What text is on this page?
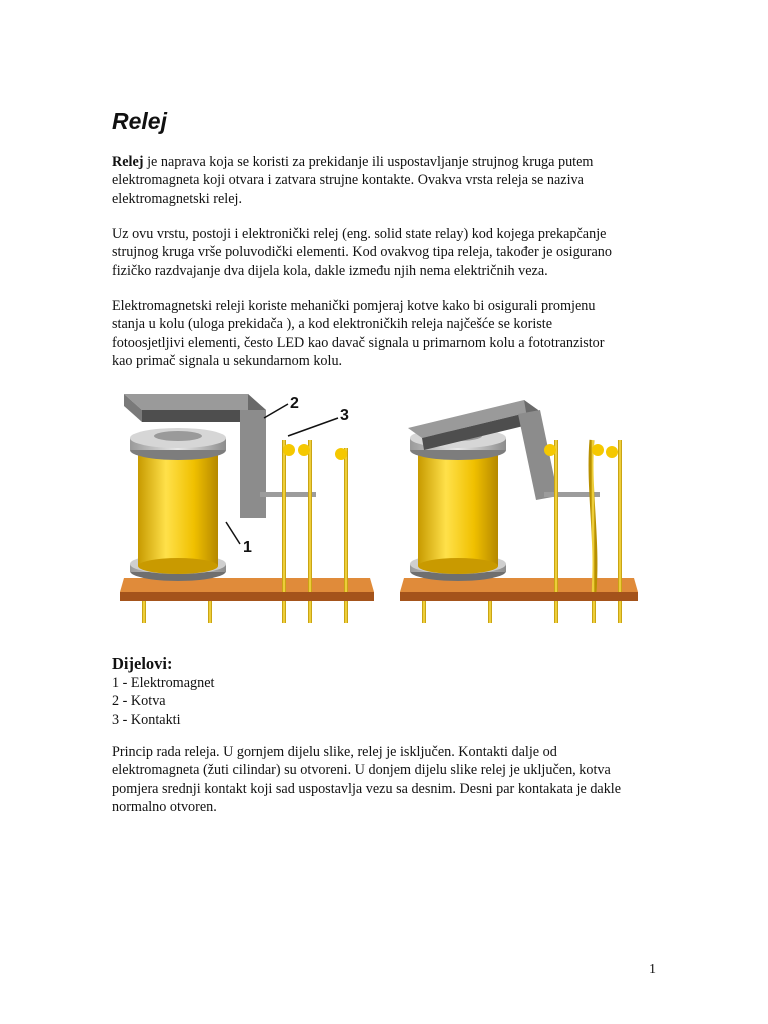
Relej
Relej je naprava koja se koristi za prekidanje ili uspostavljanje strujnog kruga putem
elektromagneta koji otvara i zatvara strujne kontakte. Ovakva vrsta releja se naziva
elektromagnetski relej.
Uz ovu vrstu, postoji i elektronički relej (eng. solid state relay) kod kojega prekapčanje
strujnog kruga vrše poluvodički elementi. Kod ovakvog tipa releja, također je osigurano
fizičko razdvajanje dva dijela kola, dakle između njih nema električnih veza.
Elektromagnetski releji koriste mehanički pomjeraj kotve kako bi osigurali promjenu
stanja u kolu (uloga prekidača ), a kod elektroničkih releja najčešće se koriste
fotoosjetljivi elementi, često LED kao davač signala u primarnom kolu a fototranzistor
kao primač signala u sekundarnom kolu.
2
3
1
Dijelovi:
1 - Elektromagnet
2 - Kotva
3 - Kontakti
Princip rada releja. U gornjem dijelu slike, relej je isključen. Kontakti dalje od
elektromagneta (žuti cilindar) su otvoreni. U donjem dijelu slike relej je uključen, kotva
pomjera srednji kontakt koji sad uspostavlja vezu sa desnim. Desni par kontakata je dakle
normalno otvoren.
1
